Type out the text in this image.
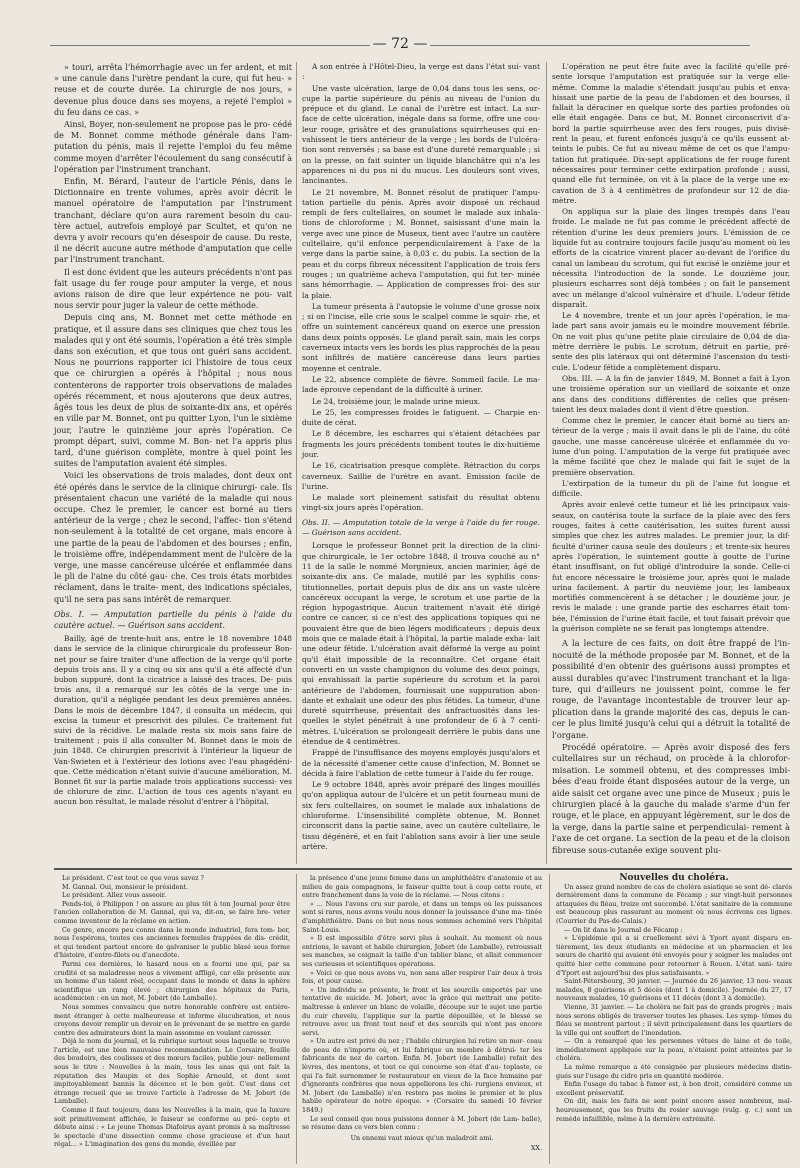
— 72 —

» touri, arrêta l'hémorrhagie avec un fer ardent, et mit » une canule dans l'urètre pendant la cure, qui fut heu- » reuse et de courte durée. La chirurgie de nos jours, » devenue plus douce dans ses moyens, a rejeté l'emploi » du feu dans ce cas. »

Ainsi, Boyer, non-seulement ne propose pas le pro- cédé de M. Bonnet comme méthode générale dans l'am- putation du pénis, mais il rejette l'emploi du feu même comme moyen d'arrêter l'écoulement du sang consécutif à l'opération par l'instrument tranchant.

Enfin, M. Bérard, l'auteur de l'article Pénis, dans le Dictionnaire en trente volumes, après avoir décrit le manuel opératoire de l'amputation par l'instrument tranchant, déclare qu'on aura rarement besoin du cau- tère actuel, autrefois employé par Scultet, et qu'on ne devra y avoir recours qu'en désespoir de cause. Du reste, il ne décrit aucune autre méthode d'amputation que celle par l'instrument tranchant.

Il est donc évident que les auteurs précédents n'ont pas fait usage du fer rouge pour amputer la verge, et nous avions raison de dire que leur expérience ne pou- vait nous servir pour juger la valeur de cette méthode.

Depuis cinq ans, M. Bonnet met cette méthode en pratique, et il assure dans ses cliniques que chez tous les malades qui y ont été soumis, l'opération a été très simple dans son exécution, et que tous ont guéri sans accident. Nous ne pourrions rapporter ici l'histoire de tous ceux que ce chirurgien a opérés à l'hôpital ; nous nous contenterons de rapporter trois observations de malades opérés récemment, et nous ajouterons que deux autres, âgés tous les deux de plus de soixante-dix ans, et opérés en ville par M. Bonnet, ont pu quitter Lyon, l'un le sixième jour, l'autre le quinzième jour après l'opération. Ce prompt départ, suivi, comme M. Bon- net l'a appris plus tard, d'une guérison complète, montre à quel point les suites de l'amputation avaient été simples.

Voici les observations de trois malades, dont deux ont été opérés dans le service de la clinique chirurgi- cale. Ils présentaient chacun une variété de la maladie qui nous occupe. Chez le premier, le cancer est borné au tiers antérieur de la verge ; chez le second, l'affec- tion s'étend non-seulement à la totalité de cet organe, mais encore à une partie de la peau de l'abdomen et des bourses ; enfin, le troisième offre, indépendamment ment de l'ulcère de la verge, une masse cancéreuse ulcérée et enflammée dans le pli de l'aine du côté gau- che. Ces trois états morbides réclament, dans le traite- ment, des indications spéciales, qu'il ne sera pas sans intérêt de remarquer.

Obs. I. — Amputation partielle du pénis à l'aide du cautère actuel. — Guérison sans accident.

Bailly, âgé de trente-huit ans, entre le 18 novembre 1848 dans le service de la clinique chirurgicale du professeur Bon- net pour se faire traiter d'une affection de la verge qu'il porte depuis trois ans. Il y a cinq ou six ans qu'il a été affecté d'un bubon suppuré, dont la cicatrice a laissé des traces. De- puis trois ans, il a remarqué sur les côtés de la verge une in- duration, qu'il a négligée pendant les deux premières années. Dans le mois de décembre 1847, il consulta un médecin, qui excisa la tumeur et prescrivit des pilules. Ce traitement fut suivi de la récidive. Le malade resta six mois sans faire de traitement ; puis il alla consulter M. Bonnet dans le mois de juin 1848. Ce chirurgien prescrivit à l'intérieur la liqueur de Van-Swieten et à l'extérieur des lotions avec l'eau phagédéni- que. Cette médication n'étant suivie d'aucune amélioration, M. Bonnet fit sur la partie malade trois applications successi- ves de chlorure de zinc. L'action de tous ces agents n'ayant eu aucun bon résultat, le malade résolut d'entrer à l'hôpital,

A son entrée à l'Hôtel-Dieu, la verge est dans l'état sui- vant :

Une vaste ulcération, large de 0,04 dans tous les sens, oc- cupe la partie supérieure du pénis au niveau de l'union du prépuce et du gland. Le canal de l'urètre est intact. La sur- face de cette ulcération, inégale dans sa forme, offre une cou- leur rouge, grisâtre et des granulations squirrheuses qui en- vahissent le tiers antérieur de la verge ; les bords de l'ulcéra- tion sont renversés ; sa base est d'une dureté remarquable ; si on la presse, on fait suinter un liquide blanchâtre qui n'a les apparences ni du pus ni du mucus. Les douleurs sont vives, lancinantes.

Le 21 novembre, M. Bonnet résolut de pratiquer l'ampu- tation partielle du pénis. Après avoir disposé un réchaud rempli de fers cultellaires, on soumet le malade aux inhala- tions de chloroforme ; M. Bonnet, saisissant d'une main la verge avec une pince de Museux, tient avec l'autre un cautère cultellaire, qu'il enfonce perpendiculairement à l'axe de la verge dans la partie saine, à 0,03 c. du pubis. La section de la peau et du corps fibreux nécessitent l'application de trois fers rouges ; un quatrième acheva l'amputation, qui fut ter- minée sans hémorrhagie. — Application de compresses froi- des sur la plaie.

La tumeur présenta à l'autopsie le volume d'une grosse noix ; si on l'incise, elle crie sous le scalpel comme le squir- rhe, et offre un suintement cancéreux quand on exerce une pression dans deux points opposés. Le gland paraît sain, mais les corps caverneux intacts vers les bords les plus rapprochés de la peau sont infiltrés de matière cancéreuse dans leurs parties moyenne et centrale.

Le 22, absence complète de fièvre. Sommeil facile. Le ma- lade éprouve cependant de la difficulté à uriner.

Le 24, troisième jour, le malade urine mieux.

Le 25, les compresses froides le fatiguent. — Charpie en- duite de cérat.

Le 8 décembre, les escharres qui s'étaient détachées par fragments les jours précédents tombent toutes le dix-huitième jour.

Le 16, cicatrisation presque complète. Rétraction du corps caverneux. Saillie de l'urètre en avant. Emission facile de l'urine.

Le malade sort pleinement satisfait du résultat obtenu vingt-six jours après l'opération.

Obs. II. — Amputation totale de la verge à l'aide du fer rouge. — Guérison sans accident.

Lorsque le professeur Bonnet prit la direction de la clini- que chirurgicale, le 1er octobre 1848, il trouva couché au n° 11 de la salle le nommé Morgnieux, ancien marinier, âgé de soixante-dix ans. Ce malade, mutilé par les syphilis cons- titutionnelles, portait depuis plus de dix ans un vaste ulcère cancéreux occupant la verge, le scrotum et une partie de la région hypogastrique. Aucun traitement n'avait été dirigé contre ce cancer, si ce n'est des applications topiques qui ne pouvaient être que de bien légers modificateurs ; depuis deux mois que ce malade était à l'hôpital, la partie malade exha- lait une odeur fétide. L'ulcération avait déformé la verge au point qu'il était impossible de la reconnaître. Cet organe était converti en un vaste champignon du volume des deux poings, qui envahissait la partie supérieure du scrotum et la paroi antérieure de l'abdomen, fournissait une suppuration abon- dante et exhalait une odeur des plus fétides. La tumeur, d'une dureté squirrheuse, présentait des anfractuosités dans les- quelles le stylet pénétrait à une profondeur de 6 à 7 centi- mètres. L'ulcération se prolongeait derrière le pubis dans une étendue de 4 centimètres.

Frappé de l'insuffisance des moyens employés jusqu'alors et de la nécessité d'amener cette cause d'infection, M. Bonnet se décida à faire l'ablation de cette tumeur à l'aide du fer rouge.

Le 9 octobre 1848, après avoir préparé des linges mouillés qu'on appliqua autour de l'ulcère et un petit fourneau muni de six fers cultellaires, on soumet le malade aux inhalations de chloroforme. L'insensibilité complète obtenue, M. Bonnet circonscrit dans la partie saine, avec un cautère cultellaire, le tissu dégénéré, et en fait l'ablation sans avoir à lier une seule artère.

L'opération ne peut être faite avec la facilité qu'elle pré- sente lorsque l'amputation est pratiquée sur la verge elle- même. Comme la maladie s'étendait jusqu'au pubis et enva- hissait une partie de la peau de l'abdomen et des bourses, il fallait la déraciner en quelque sorte des parties profondes où elle était engagée. Dans ce but, M. Bonnet circonscrivit d'a- bord la partie squirrheuse avec des fers rouges, puis divisè- rent la peau, et furent enfoncés jusqu'à ce qu'ils eussent at- teints le pubis. Ce fut au niveau même de cet os que l'ampu- tation fut pratiquée. Dix-sept applications de fer rouge furent nécessaires pour terminer cette extirpation profonde ; aussi, quand elle fut terminée, on vit à la place de la verge une ex- cavation de 3 à 4 centimètres de profondeur sur 12 de dia- mètre.

On appliqua sur la plaie des linges trempés dans l'eau froide. Le malade ne fut pas comme le précédent affecté de rétention d'urine les deux premiers jours. L'émission de ce liquide fut au contraire toujours facile jusqu'au moment où les efforts de la cicatrice vinrent placer au-devant de l'orifice du canal un lambeau du scrotum, qui fut excisé le onzième jour et nécessita l'introduction de la sonde. Le douzième jour, plusieurs escharres sont déjà tombées ; on fait le pansement avec un mélange d'alcool vulnéraire et d'huile. L'odeur fétide disparaît.

Le 4 novembre, trente et un jour après l'opération, le ma- lade part sans avoir jamais eu le moindre mouvement fébrile. On ne voit plus qu'une petite plaie circulaire de 0,04 de dia- mètre derrière le pubis. Le scrotum, détruit en partie, pré- sente des plis latéraux qui ont déterminé l'ascension du testi- cule. L'odeur fétide a complètement disparu.

Obs. III. — A la fin de janvier 1849, M. Bonnet a fait à Lyon une troisième opération sur un vieillard de soixante et onze ans dans des conditions différentes de celles que présen- taient les deux malades dont il vient d'être question.

Comme chez le premier, le cancer était borné au tiers an- térieur de la verge ; mais il avait dans le pli de l'aine, du côté gauche, une masse cancéreuse ulcérée et enflammée du vo- lume d'un poing. L'amputation de la verge fut pratiquée avec la même facilité que chez le malade qui fait le sujet de la première observation.

L'extirpation de la tumeur du pli de l'aine fut longue et difficile.

Après avoir enlevé cette tumeur et lié les principaux vais- seaux, on cautérisa toute la surface de la plaie avec des fers rouges, faites à cette cautérisation, les suites furent aussi simples que chez les autres malades. Le premier jour, la dif- ficulté d'uriner causa seule des douleurs ; et trente-six heures après l'opération, le suintement goutte à goutte de l'urine étant insuffisant, on fut obligé d'introduire la sonde. Celle-ci fut encore nécessaire le troisième jour, après quoi le malade urina facilement. A partir du neuvième jour, les lambeaux mortifiés commencèrent à se détacher ; le douzième jour, je revis le malade : une grande partie des escharres était tom- bée, l'émission de l'urine était facile, et tout faisait prévoir que la guérison complète ne se ferait pas longtemps attendre.

A la lecture de ces faits, on doit être frappé de l'in- nocuité de la méthode proposée par M. Bonnet, et de la possibilité d'en obtenir des guérisons aussi promptes et aussi durables qu'avec l'instrument tranchant et la liga- ture, qui d'ailleurs ne jouissent point, comme le fer rouge, de l'avantage incontestable de trouver leur ap- plication dans la grande majorité des cas, depuis le can- cer le plus limité jusqu'à celui qui a détruit la totalité de l'organe.

Procédé opératoire. — Après avoir disposé des fers cultellaires sur un réchaud, on procède à la chlorofor- misation. Le sommeil obtenu, et des compresses imbi- bées d'eau froide étant disposées autour de la verge, un aide saisit cet organe avec une pince de Museux ; puis le chirurgien placé à la gauche du malade s'arme d'un fer rouge, et le place, en appuyant légèrement, sur le dos de la verge, dans la partie saine et perpendiculai- rement à l'axe de cet organe. La section de la peau et de la cloison fibreuse sous-cutanée exige souvent plu-

Le président. C'est tout ce que vous savez ?

M. Gannal. Oui, monsieur le président.

Le président. Allez vous asseoir.

Pends-toi, ô Philippon ! on assure au plus tôt à ton Journal pour être l'ancien collaboration de M. Gannal, qui va, dit-on, se faire bre- veter comme inventeur de la réclame en action.

Ce genre, encore peu connu dans le monde industriel, fera tom- ber, nous l'espérons, toutes ces anciennes formules frappées de dis- crédit, et qui tendent partout encore de galvaniser le public blasé sous forme d'histoire, d'entre-filets ou d'anecdote.

Parmi ces dernières, le hasard nous en a fourni une qui, par sa crudité et sa maladresse nous a vivement affligé, car elle présente aux un homme d'un talent réel, occupant dans le monde et dans la sphère scientifique un rang élevé ; chirurgien des hôpitaux de Paris, académicien : en un mot, M. Jobert (de Lamballe).

Nous sommes convaincu que notre honorable confrère est entière- ment étranger à cette malheureuse et informe élucubration, et nous croyons devoir remplir un devoir en le prévenant de se mettre en garde contre des admirateurs dont la main assomme en voulant caresser.

Déjà le nom du journal, et la rubrique surtout sous laquelle se trouve l'article, est une bien mauvaise recommandation. Le Corsaire, feuille des boudoirs, des coulisses et des mœurs faciles, publie jour- nellement sous le titre : Nouvelles à la main, tous les anas qui ont fait la réputation des Maupin et des Sophie Arnould, et dont sont impitoyablement bannis la décence et le bon goût. C'est dans cet étrange recueil que se trouve l'article à l'adresse de M. Jobert (de Lamballe).

Comme il faut toujours, dans les Nouvelles à la main, que la luxure soit primitivement affichée, le faiseur se conforme au pré- cepte et débute ainsi : « Le jeune Thomas Diafoirus ayant promis à sa maîtresse le spectacle d'une dissection comme chose gracieuse et d'un haut régal... » L'imagination des gens du monde, éveillée par

la présence d'une jeune femme dans un amphithéâtre d'anatomie et au milieu de gais compagnons, le faiseur quitte tout à coup cette route, et entre franchement dans la voie de la réclame. — Nous citons :

« ... Nous l'avons cru sur parole, et dans un temps où les puissances sont si rares, nous avons voulu nous donner la jouissance d'une ma- tinée d'amphithéâtre. Dans ce but nous nous sommes acheminé vers l'hôpital Saint-Louis.

» Il est impossible d'être servi plus à souhait. Au moment où nous entrions, le savant et habile chirurgien, Jobert (de Lamballe), retroussait ses manches, se ceignait la taille d'un tablier blanc, et allait commencer ses curieuses et scientifiques opérations.

» Voici ce que nous avons vu, non sans aller respirer l'air deux à trois fois, et pour cause.

» Un individu se présente, le front et les sourcils emportés par une tentative de suicide. M. Jobert, avec la grâce qui mettrait une petite-maîtresse à enlever un blanc de volaille, découpe sur le sujet une partie du cuir chevelu, l'applique sur la partie dépouillée, et le blessé se retrouve avec un front tout neuf et des sourcils qui n'ont pas encore servi.

» Un autre est privé du nez ; l'habile chirurgien lui retire un mor- ceau de peau de n'importe où, et lui fabrique un membre à détrui- ter les fabricants de nez de carton. Enfin M. Jobert (de Lamballe) refait des lèvres, des mentons, et tout ce qui concerne son état d'au- toplaste, ce qui l'a fait surnommer le restaurateur en vieux de la face humaine par d'ignorants confrères que nous appellerons les chi- rurgiens envieux, et M. Jobert (de Lamballe) n'en restera pas moins le premier et le plus habile opérateur de notre époque. » (Corsaire du samedi 10 février 1849.)

Le seul conseil que nous puissions donner à M. Jobert (de Lam- balle), se résume dans ce vers bien connu :

Un ennemi vaut mieux qu'un maladroit ami.

XX.

Nouvelles du choléra.

Un assez grand nombre de cas de choléra asiatique se sont dé- clarés dernièrement dans la commune de Fécamp ; sur vingt-huit personnes attaquées du fléau, treize ont succombé. L'état sanitaire de la commune est beaucoup plus rassurant au moment où nous écrivons ces lignes. (Courrier du Pas-de-Calais.)

— On lit dans le Journal de Fécamp :

« L'épidémie qui a si cruellement sévi à Yport ayant disparu en- tièrement, les deux étudiants en médecine et un pharmacien et les sœurs de charité qui avaient été envoyés pour y soigner les malades ont quitté hier cette commune pour retourner à Rouen. L'état sani- taire d'Yport est aujourd'hui des plus satisfaisants. »

Saint-Pétersbourg, 30 janvier. — Journée du 26 janvier, 13 nou- veaux malades, 8 guérisons et 5 décès (dont 1 à domicile). Journée du 27, 17 nouveaux malades, 10 guérisons et 11 décès (dont 3 à domicile).

Vienne, 31 janvier. — Le choléra ne fait pas de grands progrès ; mais nous serons obligés de traverser toutes les phases. Les symp- tômes du fléau se montrent partout ; il sévit principalement dans les quartiers de la ville qui ont souffert de l'inondation.

— On a remarqué que les personnes vêtues de laine et de toile, immédiatement appliquée sur la peau, n'étaient point atteintes par le choléra.

La même remarque a été consignée par plusieurs médecins distin- gués sur l'usage du cidre pris en quantité modérée.

Enfin l'usage du tabac à fumer est, à bon droit, considéré comme un excellent préservatif.

On dit, mais les faits ne sont point encore assez nombreux, mal- heureusement, que les fruits du rosier sauvage (vulg. g. c.) sont un remède infaillible, même à la dernière extrémité.
